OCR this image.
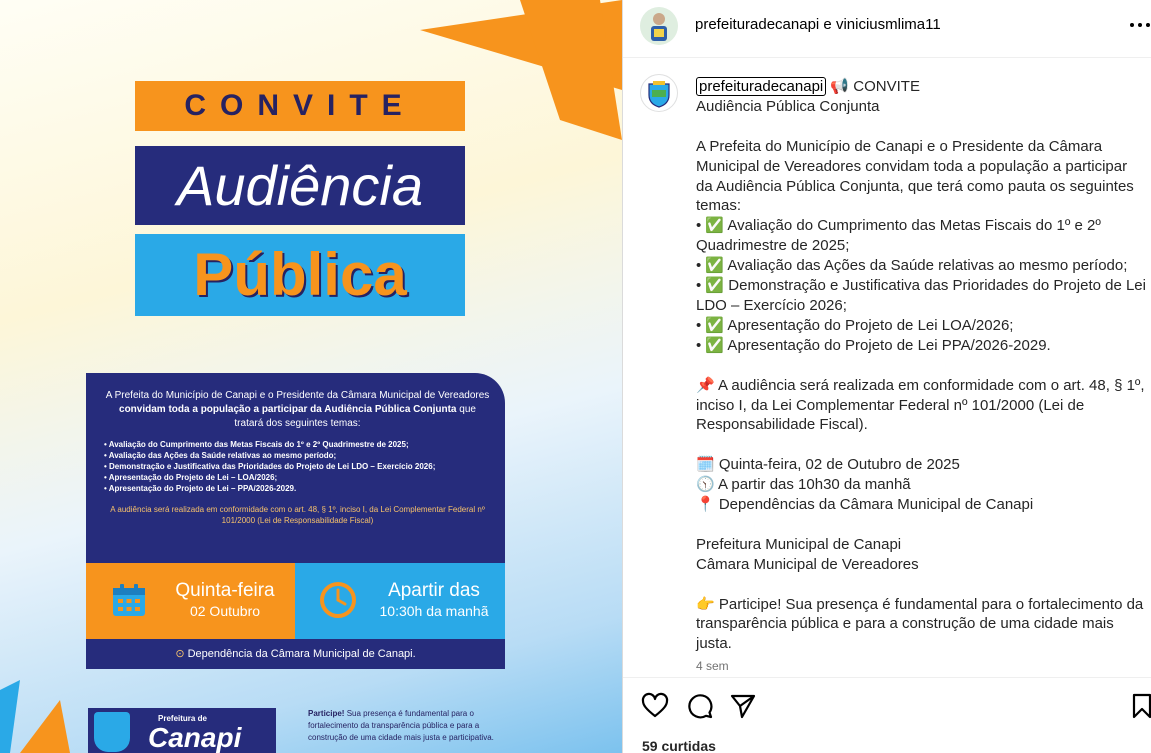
CONVITE
Audiência
Pública
A Prefeita do Município de Canapi e o Presidente da Câmara Municipal de Vereadores convidam toda a população a participar da Audiência Pública Conjunta que tratará dos seguintes temas:
• Avaliação do Cumprimento das Metas Fiscais do 1º e 2º Quadrimestre de 2025;
• Avaliação das Ações da Saúde relativas ao mesmo período;
• Demonstração e Justificativa das Prioridades do Projeto de Lei LDO – Exercício 2026;
• Apresentação do Projeto de Lei – LOA/2026;
• Apresentação do Projeto de Lei – PPA/2026-2029.
A audiência será realizada em conformidade com o art. 48, § 1º, inciso I, da Lei Complementar Federal nº 101/2000 (Lei de Responsabilidade Fiscal)
Quinta-feira
02 Outubro
Apartir das
10:30h da manhã
⊙ Dependência da Câmara Municipal de Canapi.
Prefeitura de
Canapi
Participe! Sua presença é fundamental para o fortalecimento da transparência pública e para a construção de uma cidade mais justa e participativa.
prefeituradecanapi e viniciusmlima11
prefeituradecanapi 📢 CONVITE
Audiência Pública Conjunta

A Prefeita do Município de Canapi e o Presidente da Câmara Municipal de Vereadores convidam toda a população a participar da Audiência Pública Conjunta, que terá como pauta os seguintes temas:
• ✅ Avaliação do Cumprimento das Metas Fiscais do 1º e 2º Quadrimestre de 2025;
• ✅ Avaliação das Ações da Saúde relativas ao mesmo período;
• ✅ Demonstração e Justificativa das Prioridades do Projeto de Lei LDO – Exercício 2026;
• ✅ Apresentação do Projeto de Lei LOA/2026;
• ✅ Apresentação do Projeto de Lei PPA/2026-2029.

📌 A audiência será realizada em conformidade com o art. 48, § 1º, inciso I, da Lei Complementar Federal nº 101/2000 (Lei de Responsabilidade Fiscal).

🗓️ Quinta-feira, 02 de Outubro de 2025
🕥 A partir das 10h30 da manhã
📍 Dependências da Câmara Municipal de Canapi

Prefeitura Municipal de Canapi
Câmara Municipal de Vereadores

👉 Participe! Sua presença é fundamental para o fortalecimento da transparência pública e para a construção de uma cidade mais justa.
4 sem
59 curtidas
